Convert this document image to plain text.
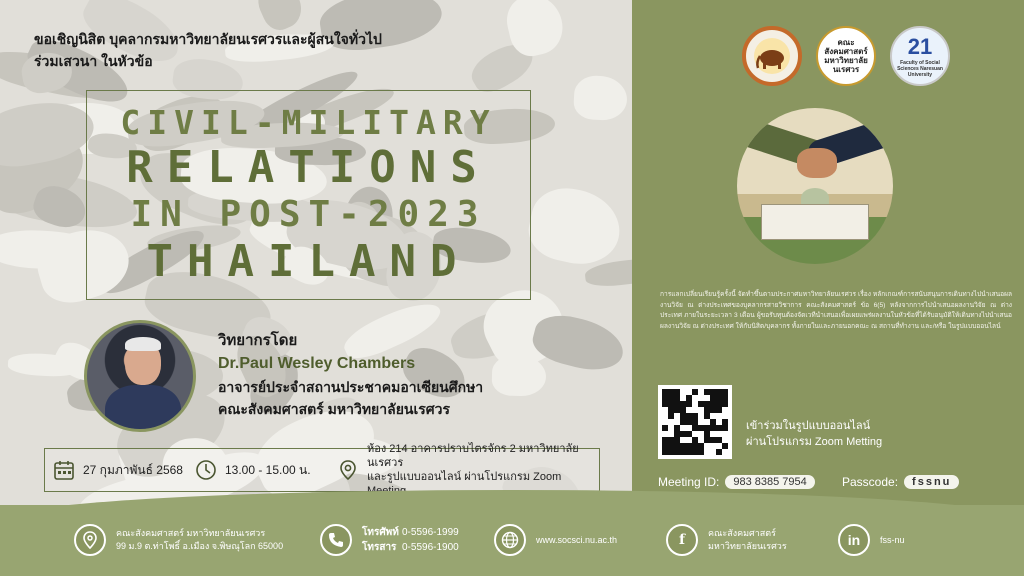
ขอเชิญนิสิต บุคลากรมหาวิทยาลัยนเรศวรและผู้สนใจทั่วไป
ร่วมเสวนา ในหัวข้อ
CIVIL-MILITARY
RELATIONS
IN POST-2023
THAILAND
วิทยากรโดย
Dr.Paul Wesley Chambers
อาจารย์ประจำสถานประชาคมอาเซียนศึกษา
คณะสังคมศาสตร์ มหาวิทยาลัยนเรศวร
27 กุมภาพันธ์ 2568	13.00 - 15.00 น.
ห้อง 214 อาคารปราบไตรจักร 2 มหาวิทยาลัยนเรศวร
และรูปแบบออนไลน์ ผ่านโปรแกรม Zoom
คณะสังคมศาสตร์ มหาวิทยาลัยนเรศวร
21
Faculty of Social Sciences Naresuan University
การแลกเปลี่ยนเรียนรู้ครั้งนี้ จัดทำขึ้นตามประกาศมหาวิทยาลัยนเรศวร เรื่อง หลักเกณฑ์การสนับสนุนการเดินทางไปนำเสนอผลงานวิจัย ณ ต่างประเทศของบุคลากรสายวิชาการ คณะสังคมศาสตร์ ข้อ 6(5) หลังจากการไปนำเสนอผลงานวิจัย ณ ต่างประเทศ ภายในระยะเวลา 3 เดือน ผู้ขอรับทุนต้องจัดเวทีนำเสนอเพื่อเผยแพร่ผลงานในหัวข้อที่ได้รับอนุมัติให้เดินทางไปนำเสนอผลงานวิจัย ณ ต่างประเทศ ให้กับนิสิต/บุคลากร ทั้งภายในและภายนอกคณะ ณ สถานที่ทำงาน และ/หรือ ในรูปแบบออนไลน์
เข้าร่วมในรูปแบบออนไลน์
ผ่านโปรแกรม Zoom Metting
Meeting ID:	983 8385 7954	Passcode:	fssnu
คณะสังคมศาสตร์ มหาวิทยาลัยนเรศวร
99 ม.9 ต.ท่าโพธิ์ อ.เมือง จ.พิษณุโลก 65000
โทรศัพท์ 0-5596-1999
โทรสาร 0-5596-1900
www.socsci.nu.ac.th	f	คณะสังคมศาสตร์
มหาวิทยาลัยนเรศวร	in	fss-nu
